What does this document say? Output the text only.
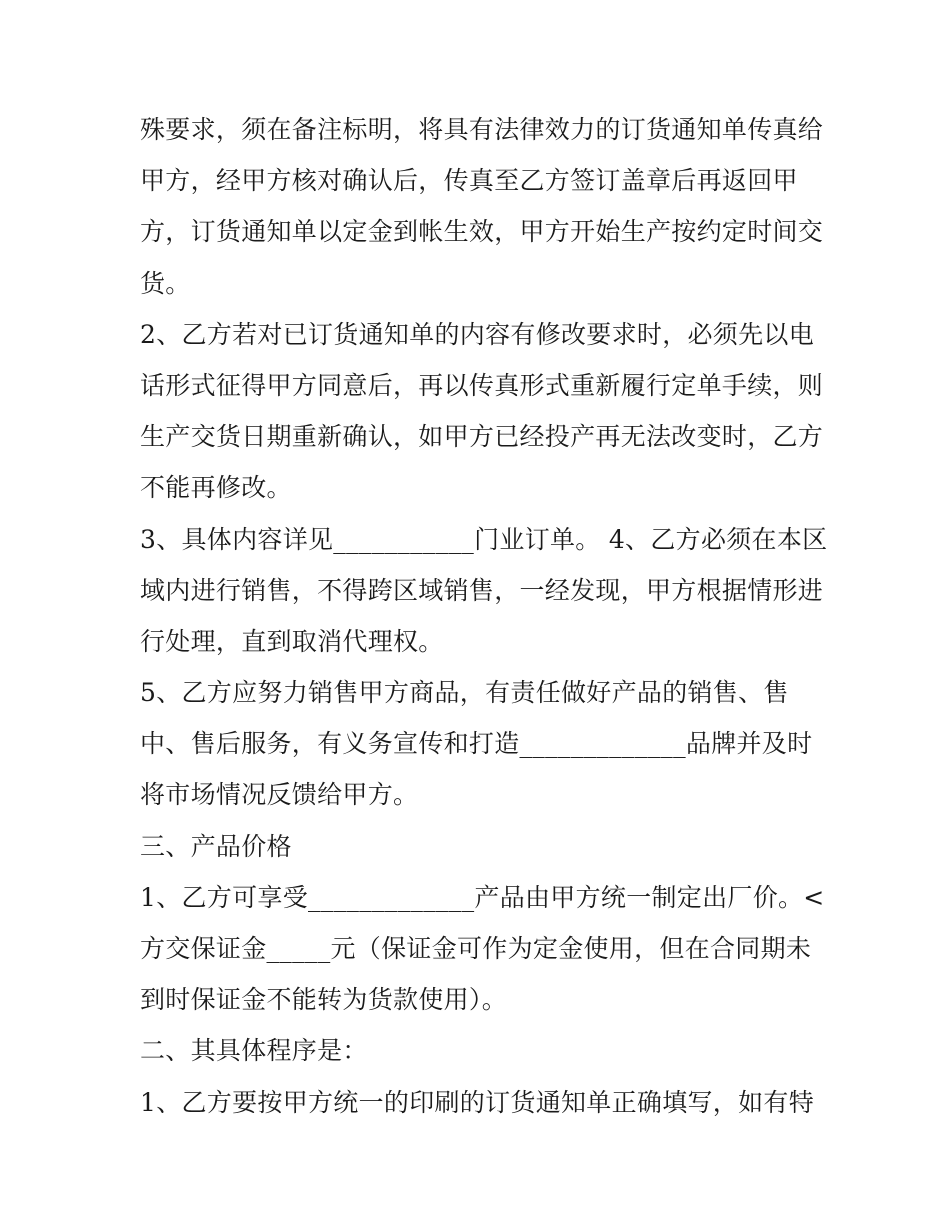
殊要求，须在备注标明，将具有法律效力的订货通知单传真给
甲方，经甲方核对确认后，传真至乙方签订盖章后再返回甲
方，订货通知单以定金到帐生效，甲方开始生产按约定时间交
货。
2、乙方若对已订货通知单的内容有修改要求时，必须先以电
话形式征得甲方同意后，再以传真形式重新履行定单手续，则
生产交货日期重新确认，如甲方已经投产再无法改变时，乙方
不能再修改。
3、具体内容详见___________门业订单。 4、乙方必须在本区
域内进行销售，不得跨区域销售，一经发现，甲方根据情形进
行处理，直到取消代理权。
5、乙方应努力销售甲方商品，有责任做好产品的销售、售
中、售后服务，有义务宣传和打造_____________品牌并及时
将市场情况反馈给甲方。
三、产品价格
1、乙方可享受_____________产品由甲方统一制定出厂价。<
方交保证金_____元（保证金可作为定金使用，但在合同期未
到时保证金不能转为货款使用）。
二、其具体程序是：
1、乙方要按甲方统一的印刷的订货通知单正确填写，如有特
